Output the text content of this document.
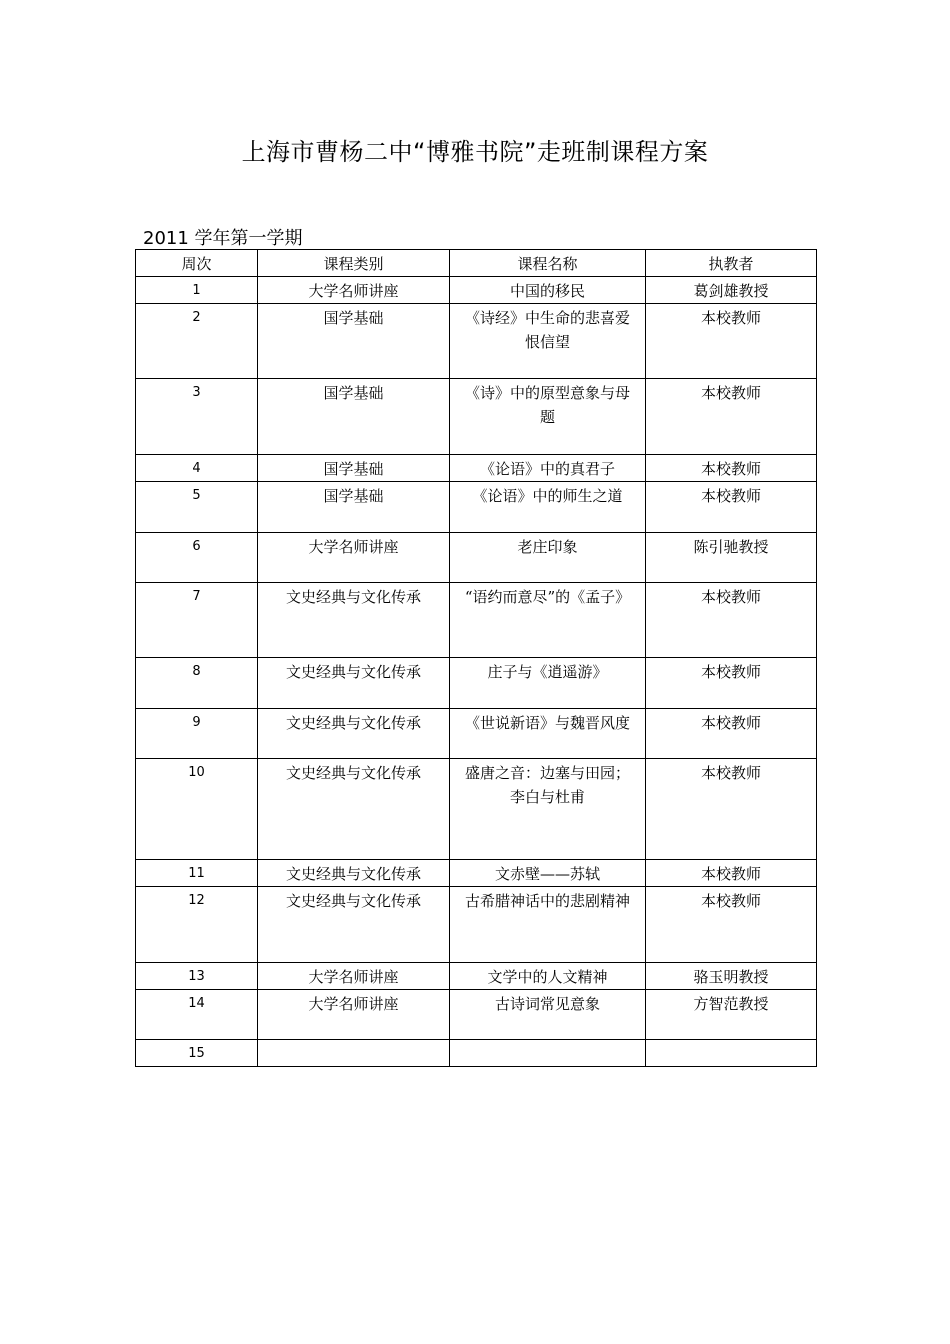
上海市曹杨二中“博雅书院”走班制课程方案
2011 学年第一学期
周次	课程类别	课程名称	执教者
1	大学名师讲座	中国的移民	葛剑雄教授
2	国学基础	《诗经》中生命的悲喜爱恨信望	本校教师
3	国学基础	《诗》中的原型意象与母题	本校教师
4	国学基础	《论语》中的真君子	本校教师
5	国学基础	《论语》中的师生之道	本校教师
6	大学名师讲座	老庄印象	陈引驰教授
7	文史经典与文化传承	“语约而意尽”的《孟子》	本校教师
8	文史经典与文化传承	庄子与《逍遥游》	本校教师
9	文史经典与文化传承	《世说新语》与魏晋风度	本校教师
10	文史经典与文化传承	盛唐之音：边塞与田园；李白与杜甫	本校教师
11	文史经典与文化传承	文赤壁——苏轼	本校教师
12	文史经典与文化传承	古希腊神话中的悲剧精神	本校教师
13	大学名师讲座	文学中的人文精神	骆玉明教授
14	大学名师讲座	古诗词常见意象	方智范教授
15			
